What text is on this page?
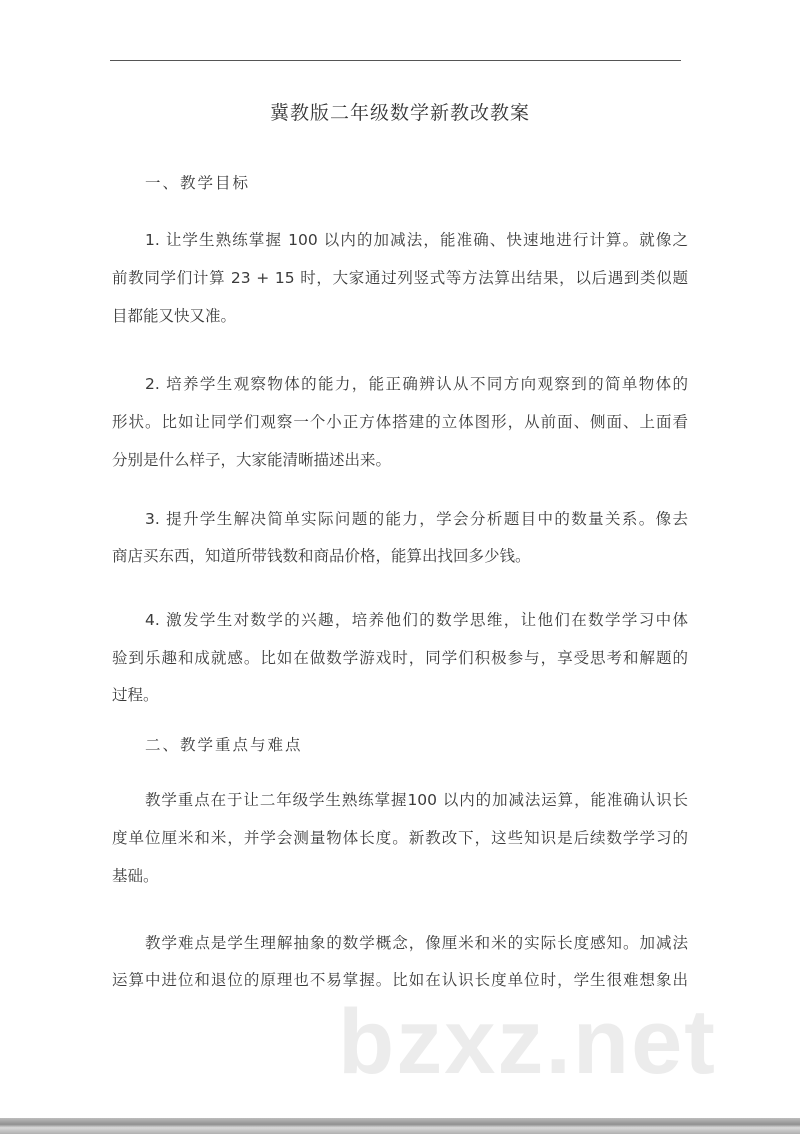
冀教版二年级数学新教改教案
一、教学目标
1. 让学生熟练掌握 100 以内的加减法，能准确、快速地进行计算。就像之
前教同学们计算 23 + 15 时，大家通过列竖式等方法算出结果，以后遇到类似题
目都能又快又准。
2. 培养学生观察物体的能力，能正确辨认从不同方向观察到的简单物体的
形状。比如让同学们观察一个小正方体搭建的立体图形，从前面、侧面、上面看
分别是什么样子，大家能清晰描述出来。
3. 提升学生解决简单实际问题的能力，学会分析题目中的数量关系。像去
商店买东西，知道所带钱数和商品价格，能算出找回多少钱。
4. 激发学生对数学的兴趣，培养他们的数学思维，让他们在数学学习中体
验到乐趣和成就感。比如在做数学游戏时，同学们积极参与，享受思考和解题的
过程。
二、教学重点与难点
教学重点在于让二年级学生熟练掌握100 以内的加减法运算，能准确认识长
度单位厘米和米，并学会测量物体长度。新教改下，这些知识是后续数学学习的
基础。
教学难点是学生理解抽象的数学概念，像厘米和米的实际长度感知。加减法
运算中进位和退位的原理也不易掌握。比如在认识长度单位时，学生很难想象出
bzxz.net
